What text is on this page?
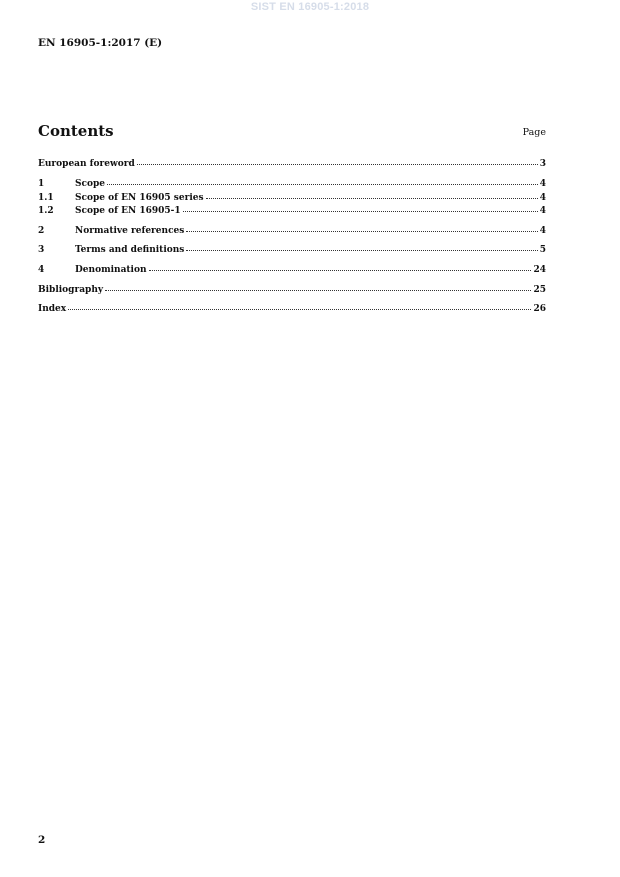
SIST EN 16905-1:2018
EN 16905-1:2017 (E)
Contents	Page
European foreword	3
1	Scope	4
1.1	Scope of EN 16905 series	4
1.2	Scope of EN 16905-1	4
2	Normative references	4
3	Terms and definitions	5
4	Denomination	24
Bibliography	25
Index	26
2
